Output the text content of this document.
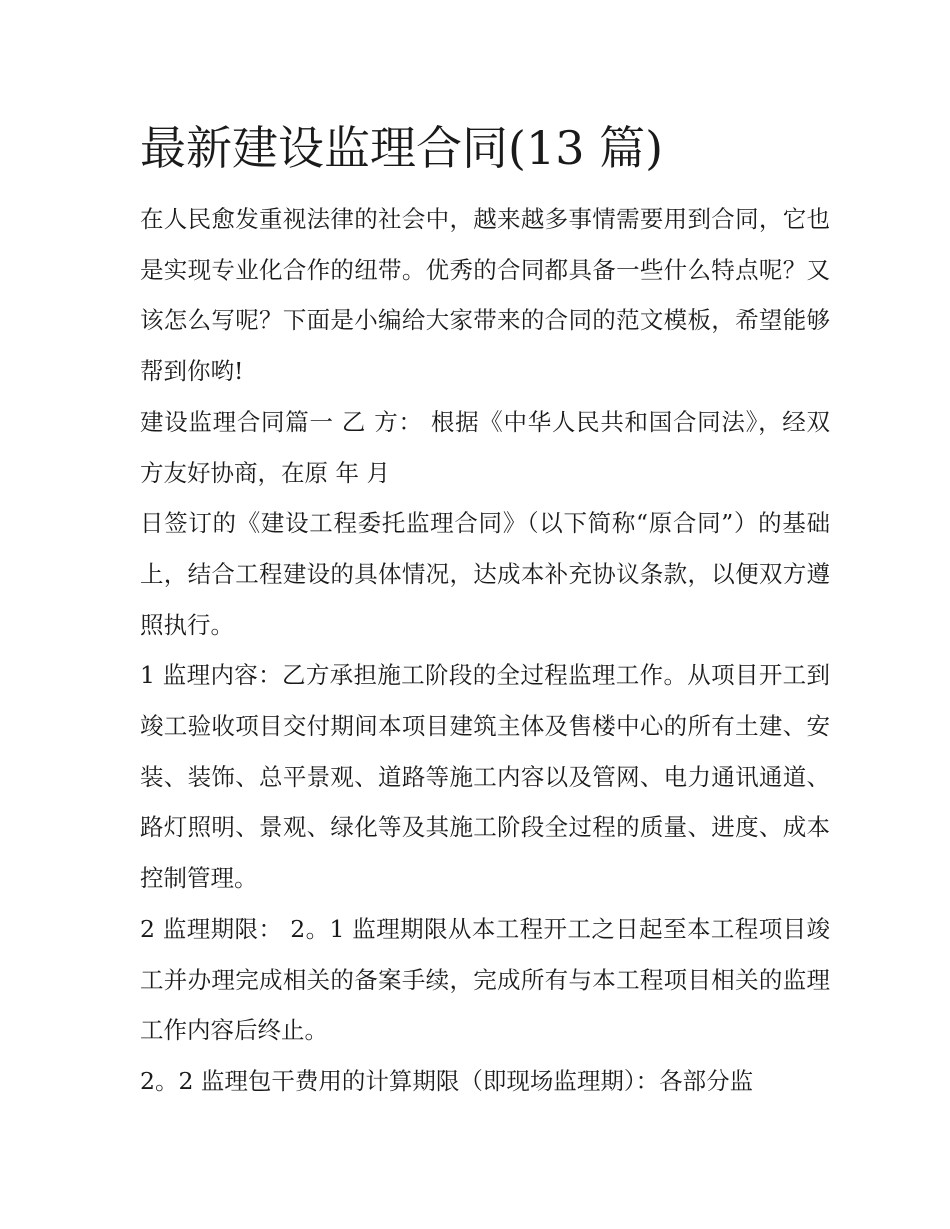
最新建设监理合同(13 篇)

在人民愈发重视法律的社会中，越来越多事情需要用到合同，它也是实现专业化合作的纽带。优秀的合同都具备一些什么特点呢？又该怎么写呢？下面是小编给大家带来的合同的范文模板，希望能够帮到你哟!

建设监理合同篇一 乙 方： 根据《中华人民共和国合同法》，经双方友好协商，在原 年 月

日签订的《建设工程委托监理合同》（以下简称“原合同”）的基础上，结合工程建设的具体情况，达成本补充协议条款，以便双方遵照执行。

1 监理内容：乙方承担施工阶段的全过程监理工作。从项目开工到竣工验收项目交付期间本项目建筑主体及售楼中心的所有土建、安装、装饰、总平景观、道路等施工内容以及管网、电力通讯通道、路灯照明、景观、绿化等及其施工阶段全过程的质量、进度、成本控制管理。

2 监理期限： 2。1 监理期限从本工程开工之日起至本工程项目竣工并办理完成相关的备案手续，完成所有与本工程项目相关的监理工作内容后终止。

2。2 监理包干费用的计算期限（即现场监理期）：各部分监
